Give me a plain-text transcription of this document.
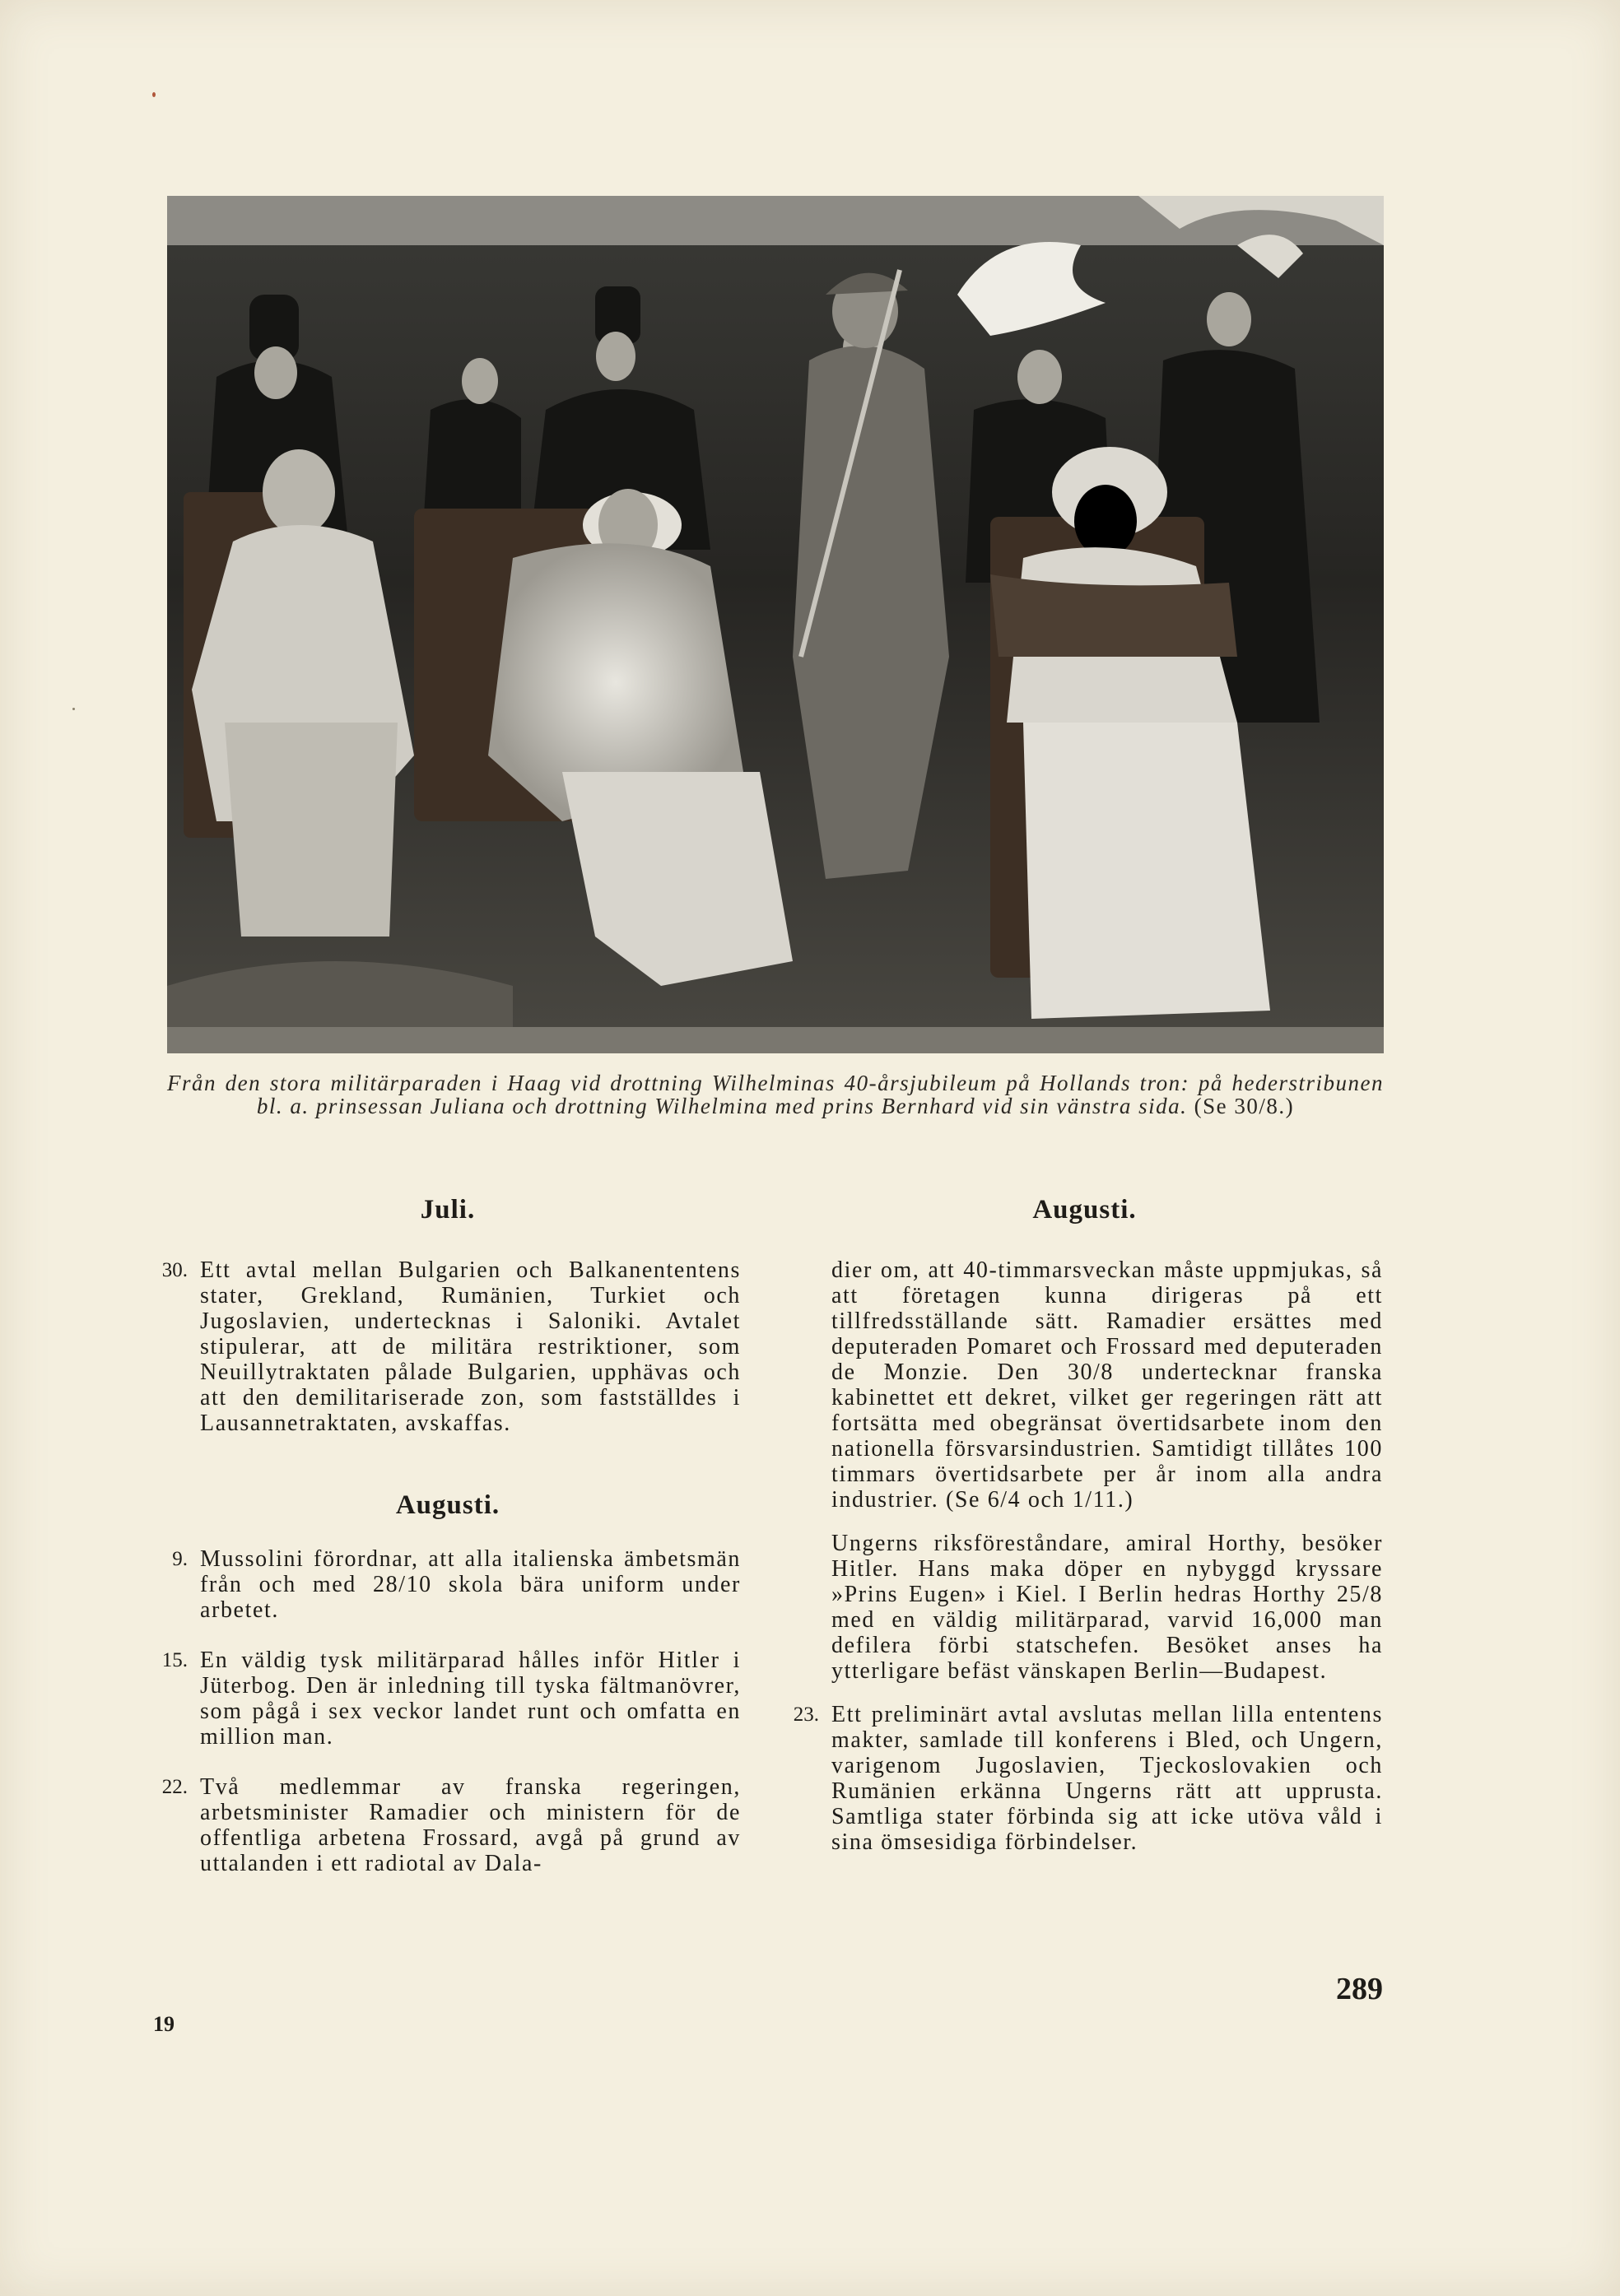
Från den stora militärparaden i Haag vid drottning Wilhelminas 40-årsjubileum på Hollands tron: på hederstribunen bl. a. prinsessan Juliana och drottning Wilhelmina med prins Bernhard vid sin vänstra sida. (Se 30/8.)
Juli.
30. Ett avtal mellan Bulgarien och Balkanententens stater, Grekland, Rumänien, Turkiet och Jugoslavien, undertecknas i Saloniki. Avtalet stipulerar, att de militära restriktioner, som Neuillytraktaten pålade Bulgarien, upphävas och att den demilitariserade zon, som fastställdes i Lausannetraktaten, avskaffas.
Augusti.
9. Mussolini förordnar, att alla italienska ämbetsmän från och med 28/10 skola bära uniform under arbetet.
15. En väldig tysk militärparad hålles inför Hitler i Jüterbog. Den är inledning till tyska fältmanövrer, som pågå i sex veckor landet runt och omfatta en million man.
22. Två medlemmar av franska regeringen, arbetsminister Ramadier och ministern för de offentliga arbetena Frossard, avgå på grund av uttalanden i ett radiotal av Dala-
Augusti.
dier om, att 40-timmarsveckan måste uppmjukas, så att företagen kunna dirigeras på ett tillfredsställande sätt. Ramadier ersättes med deputeraden Pomaret och Frossard med deputeraden de Monzie. Den 30/8 undertecknar franska kabinettet ett dekret, vilket ger regeringen rätt att fortsätta med obegränsat övertidsarbete inom den nationella försvarsindustrien. Samtidigt tillåtes 100 timmars övertidsarbete per år inom alla andra industrier. (Se 6/4 och 1/11.)
Ungerns riksföreståndare, amiral Horthy, besöker Hitler. Hans maka döper en nybyggd kryssare »Prins Eugen» i Kiel. I Berlin hedras Horthy 25/8 med en väldig militärparad, varvid 16,000 man defilera förbi statschefen. Besöket anses ha ytterligare befäst vänskapen Berlin—Budapest.
23. Ett preliminärt avtal avslutas mellan lilla ententens makter, samlade till konferens i Bled, och Ungern, varigenom Jugoslavien, Tjeckoslovakien och Rumänien erkänna Ungerns rätt att upprusta. Samtliga stater förbinda sig att icke utöva våld i sina ömsesidiga förbindelser.
289
19
